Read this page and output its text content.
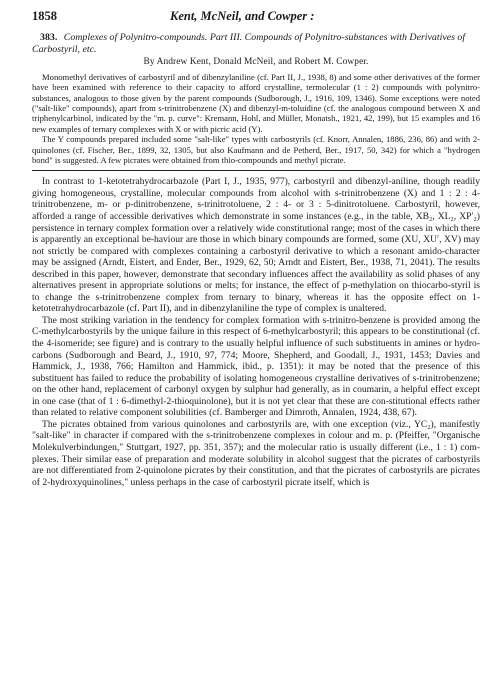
1858	Kent, McNeil, and Cowper :
383. Complexes of Polynitro-compounds. Part III. Compounds of Polynitro-substances with Derivatives of Carbostyril, etc.
By Andrew Kent, Donald McNeil, and Robert M. Cowper.

Monomethyl derivatives of carbostyril and of dibenzylaniline (cf. Part II, J., 1938, 8) and some other derivatives of the former have been examined with reference to their capacity to afford crystalline, termolecular (1 : 2) compounds with polynitro-substances, analogous to those given by the parent compounds (Sudborough, J., 1916, 109, 1346). Some exceptions were noted ("salt-like" compounds), apart from s-trinitrobenzene (X) and dibenzyl-m-toluidine (cf. the analogous compound between X and triphenylcarbinol, indicated by the "m. p. curve": Kremann, Hohl, and Müller, Monatsh., 1921, 42, 199), but 15 examples and 16 new examples of ternary complexes with X or with picric acid (Y).

The Y compounds prepared included some "salt-like" types with carbostyrils (cf. Knorr, Annalen, 1886, 236, 86) and with 2-quinolones (cf. Fischer, Ber., 1899, 32, 1305, but also Kaufmann and de Petherd, Ber., 1917, 50, 342) for which a "hydrogen bond" is suggested. A few picrates were obtained from thio-compounds and methyl picrate.

In contrast to 1-ketotetrahydrocarbazole (Part I, J., 1935, 977), carbostyril and dibenzyl-aniline, though readily giving homogeneous, crystalline, molecular compounds from alcohol with s-trinitrobenzene (X) and 1 : 2 : 4-trinitrobenzene, m- or p-dinitrobenzene, s-trinitrotoluene, 2 : 4- or 3 : 5-dinitrotoluene. Carbostyril, however, afforded a range of accessible derivatives which demonstrate in some instances (e.g., in the table, XB₂, XL₂, XP′₂) persistence in ternary complex formation over a relatively wide constitutional range; most of the cases in which there is apparently an exceptional be-haviour are those in which binary compounds are formed, some (XU, XU′, XV) may not strictly be compared with complexes containing a carbostyril derivative to which a resonant amido-character may be assigned (Arndt, Eistert, and Ender, Ber., 1929, 62, 50; Arndt and Eistert, Ber., 1938, 71, 2041). The results described in this paper, however, demonstrate that secondary influences affect the availability as solid phases of any alternatives present in appropriate solutions or melts; for instance, the effect of p-methylation on thiocarbo-styril is to change the s-trinitrobenzene complex from ternary to binary, whereas it has the opposite effect on 1-ketotetrahydrocarbazole (cf. Part II), and in dibenzylaniline the type of complex is unaltered.

The most striking variation in the tendency for complex formation with s-trinitro-benzene is provided among the C-methylcarbostyrils by the unique failure in this respect of 6-methylcarbostyril; this appears to be constitutional (cf. the 4-isomeride; see figure) and is contrary to the usually helpful influence of such substituents in amines or hydro-carbons (Sudborough and Beard, J., 1910, 97, 774; Moore, Shepherd, and Goodall, J., 1931, 1453; Davies and Hammick, J., 1938, 766; Hamilton and Hammick, ibid., p. 1351): it may be noted that the presence of this substituent has failed to reduce the probability of isolating homogeneous crystalline derivatives of s-trinitrobenzene; on the other hand, replacement of carbonyl oxygen by sulphur had generally, as in coumarin, a helpful effect except in one case (that of 1 : 6-dimethyl-2-thioquinolone), but it is not yet clear that these are con-stitutional effects rather than related to relative component solubilities (cf. Bamberger and Dimroth, Annalen, 1924, 438, 67).

The picrates obtained from various quinolones and carbostyrils are, with one exception (viz., YC₂), manifestly "salt-like" in character if compared with the s-trinitrobenzene complexes in colour and m. p. (Pfeiffer, "Organische Molekulverbindungen," Stuttgart, 1927, pp. 351, 357); and the molecular ratio is usually different (i.e., 1 : 1) com-plexes. Their similar ease of preparation and moderate solubility in alcohol suggest that the picrates of carbostyrils are not differentiated from 2-quinolone picrates by their constitution, and that the picrates of carbostyrils are picrates of 2-hydroxyquinolines," unless perhaps in the case of carbostyril picrate itself, which is
